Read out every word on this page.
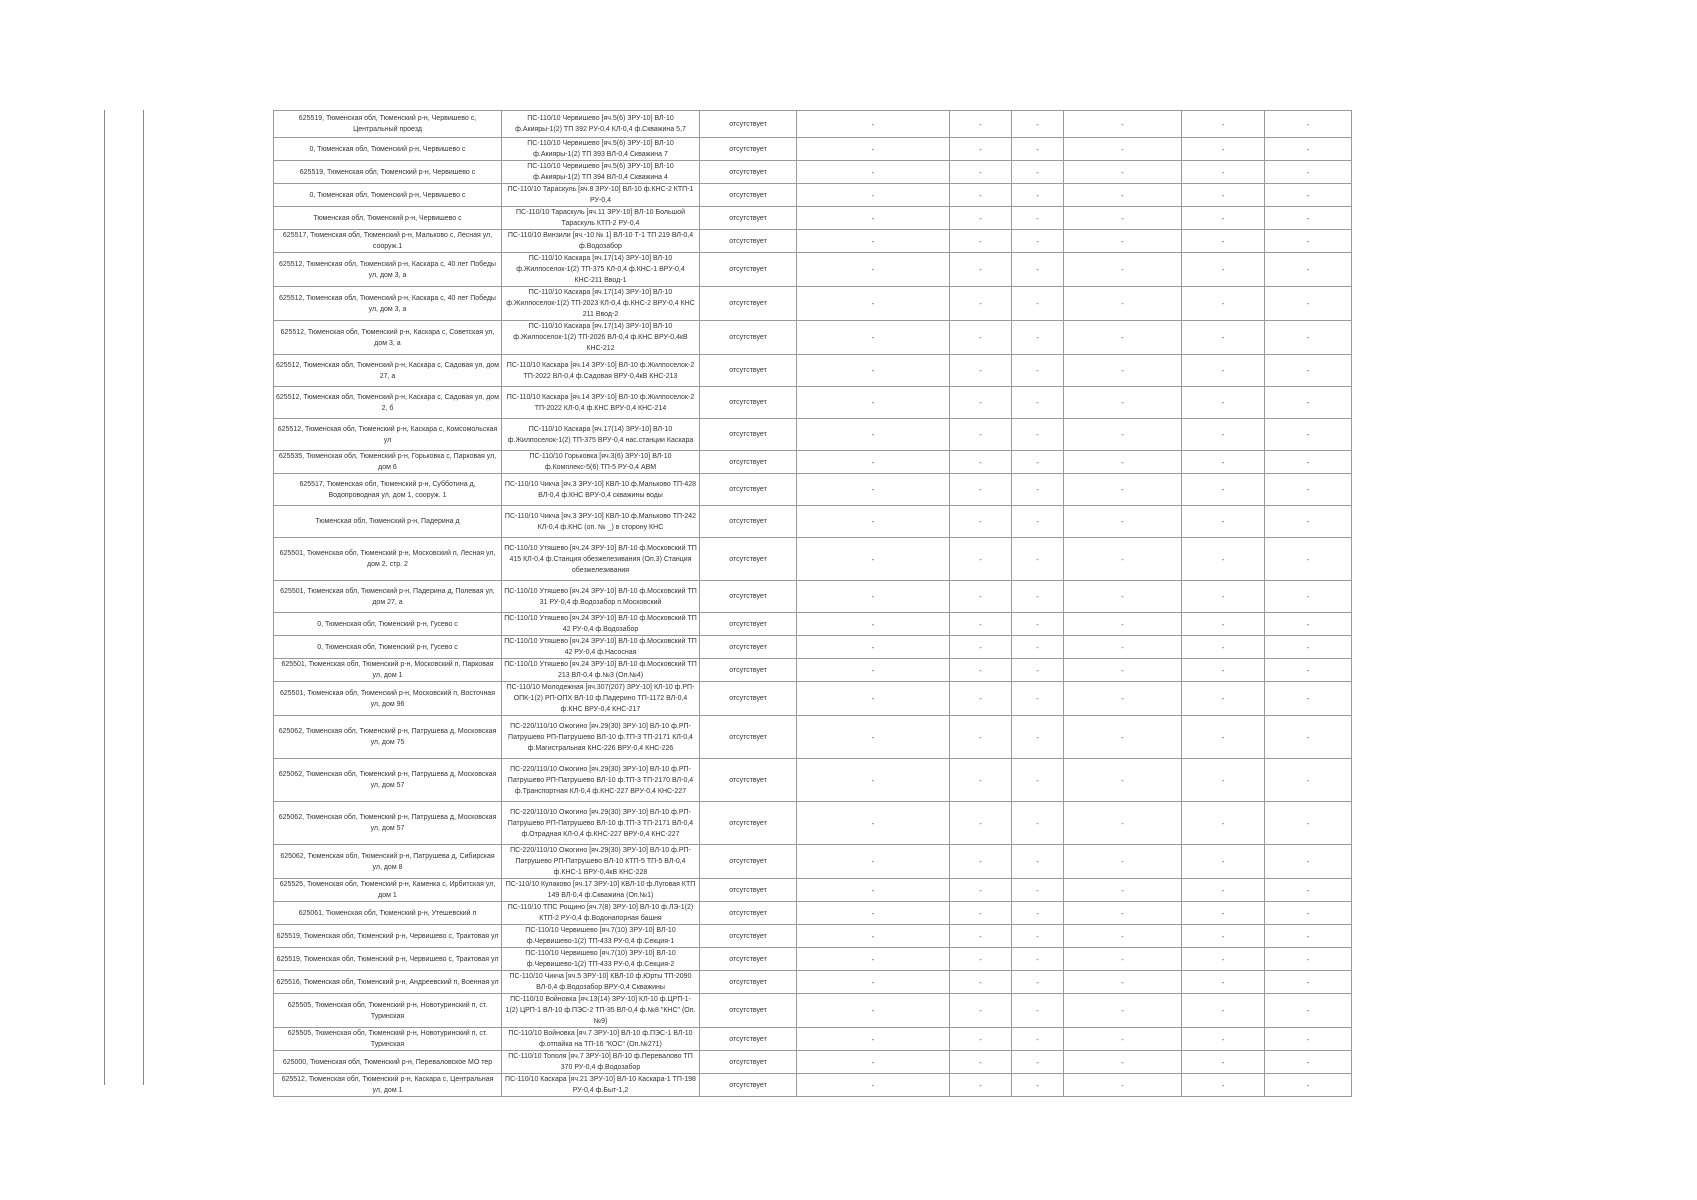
625519, Тюменская обл, Тюменский р-н, Червишево с, Центральный проезд	ПС-110/10 Червишево [яч.5(6) ЗРУ-10] ВЛ-10 ф.Акияры-1(2) ТП 392 РУ-0,4 КЛ-0,4 ф.Скважина 5,7	отсутствует	-	-	-	-	-	-
0, Тюменская обл, Тюменский р-н, Червишево с	ПС-110/10 Червишево [яч.5(6) ЗРУ-10] ВЛ-10 ф.Акияры-1(2) ТП 393 ВЛ-0,4 Скважина 7	отсутствует	-	-	-	-	-	-
625519, Тюменская обл, Тюменский р-н, Червишево с	ПС-110/10 Червишево [яч.5(6) ЗРУ-10] ВЛ-10 ф.Акияры-1(2) ТП 394 ВЛ-0,4 Скважина 4	отсутствует	-	-	-	-	-	-
0, Тюменская обл, Тюменский р-н, Червишево с	ПС-110/10 Тараскуль [яч.8 ЗРУ-10] ВЛ-10 ф.КНС-2 КТП-1 РУ-0,4	отсутствует	-	-	-	-	-	-
Тюменская обл, Тюменский р-н, Червишево с	ПС-110/10 Тараскуль [яч.11 ЗРУ-10] ВЛ-10 Большой Тараскуль КТП-2 РУ-0,4	отсутствует	-	-	-	-	-	-
625517, Тюменская обл, Тюменский р-н, Мальково с, Лесная ул, сооруж.1	ПС-110/10 Винзили [яч.-10 № 1] ВЛ-10 Т-1 ТП 219 ВЛ-0,4 ф.Водозабор	отсутствует	-	-	-	-	-	-
625512, Тюменская обл, Тюменский р-н, Каскара с, 40 лет Победы ул, дом 3, а	ПС-110/10 Каскара [яч.17(14) ЗРУ-10] ВЛ-10 ф.Жилпоселок-1(2) ТП-375 КЛ-0,4 ф.КНС-1 ВРУ-0,4 КНС-211 Ввод-1	отсутствует	-	-	-	-	-	-
625512, Тюменская обл, Тюменский р-н, Каскара с, 40 лет Победы ул, дом 3, а	ПС-110/10 Каскара [яч.17(14) ЗРУ-10] ВЛ-10 ф.Жилпоселок-1(2) ТП-2023 КЛ-0,4 ф.КНС-2 ВРУ-0,4 КНС 211 Ввод-2	отсутствует	-	-	-	-	-	-
625512, Тюменская обл, Тюменский р-н, Каскара с, Советская ул, дом 3, а	ПС-110/10 Каскара [яч.17(14) ЗРУ-10] ВЛ-10 ф.Жилпоселок-1(2) ТП-2026 ВЛ-0,4 ф.КНС ВРУ-0,4кВ КНС-212	отсутствует	-	-	-	-	-	-
625512, Тюменская обл, Тюменский р-н, Каскара с, Садовая ул, дом 27, а	ПС-110/10 Каскара [яч.14 ЗРУ-10] ВЛ-10 ф.Жилпоселок-2 ТП-2022 ВЛ-0,4 ф.Садовая ВРУ-0,4кВ КНС-213	отсутствует	-	-	-	-	-	-
625512, Тюменская обл, Тюменский р-н, Каскара с, Садовая ул, дом 2, б	ПС-110/10 Каскара [яч.14 ЗРУ-10] ВЛ-10 ф.Жилпоселок-2 ТП-2022 КЛ-0,4 ф.КНС ВРУ-0,4 КНС-214	отсутствует	-	-	-	-	-	-
625512, Тюменская обл, Тюменский р-н, Каскара с, Комсомольская ул	ПС-110/10 Каскара [яч.17(14) ЗРУ-10] ВЛ-10 ф.Жилпоселок-1(2) ТП-375 ВРУ-0,4 нас.станции Каскара	отсутствует	-	-	-	-	-	-
625535, Тюменская обл, Тюменский р-н, Горьковка с, Парковая ул, дом 6	ПС-110/10 Горьковка [яч.3(6) ЗРУ-10] ВЛ-10 ф.Комплекс-5(6) ТП-5 РУ-0,4 АВМ	отсутствует	-	-	-	-	-	-
625517, Тюменская обл, Тюменский р-н, Субботина д, Водопроводная ул, дом 1, сооруж. 1	ПС-110/10 Чикча [яч.3 ЗРУ-10] КВЛ-10 ф.Мальково ТП-428 ВЛ-0,4 ф.КНС ВРУ-0,4 скважины воды	отсутствует	-	-	-	-	-	-
Тюменская обл, Тюменский р-н, Падерина д	ПС-110/10 Чикча [яч.3 ЗРУ-10] КВЛ-10 ф.Мальково ТП-242 КЛ-0,4 ф.КНС (оп. № _) в сторону КНС	отсутствует	-	-	-	-	-	-
625501, Тюменская обл, Тюменский р-н, Московский п, Лесная ул, дом 2, стр. 2	ПС-110/10 Утяшево [яч.24 ЗРУ-10] ВЛ-10 ф.Московский ТП 415 КЛ-0,4 ф.Станция обезжелезивания (Оп.3) Станция обезжелезивания	отсутствует	-	-	-	-	-	-
625501, Тюменская обл, Тюменский р-н, Падерина д, Полевая ул, дом 27, а	ПС-110/10 Утяшево [яч.24 ЗРУ-10] ВЛ-10 ф.Московский ТП 31 РУ-0,4 ф.Водозабор п.Московский	отсутствует	-	-	-	-	-	-
0, Тюменская обл, Тюменский р-н, Гусево с	ПС-110/10 Утяшево [яч.24 ЗРУ-10] ВЛ-10 ф.Московский ТП 42 РУ-0,4 ф.Водозабор	отсутствует	-	-	-	-	-	-
0, Тюменская обл, Тюменский р-н, Гусево с	ПС-110/10 Утяшево [яч.24 ЗРУ-10] ВЛ-10 ф.Московский ТП 42 РУ-0,4 ф.Насосная	отсутствует	-	-	-	-	-	-
625501, Тюменская обл, Тюменский р-н, Московский п, Парковая ул, дом 1	ПС-110/10 Утяшево [яч.24 ЗРУ-10] ВЛ-10 ф.Московский ТП 213 ВЛ-0,4 ф.№3 (Оп.№4)	отсутствует	-	-	-	-	-	-
625501, Тюменская обл, Тюменский р-н, Московский п, Восточная ул, дом 96	ПС-110/10 Молодежная [яч.307(207) ЗРУ-10] КЛ-10 ф.РП-ОПК-1(2) РП-ОПХ ВЛ-10 ф.Падерино ТП-1172 ВЛ-0,4 ф.КНС ВРУ-0,4 КНС-217	отсутствует	-	-	-	-	-	-
625062, Тюменская обл, Тюменский р-н, Патрушева д, Московская ул, дом 75	ПС-220/110/10 Ожогино [яч.29(30) ЗРУ-10] ВЛ-10 ф.РП-Патрушево РП-Патрушево ВЛ-10 ф.ТП-3 ТП-2171 КЛ-0,4 ф.Магистральная КНС-226 ВРУ-0,4 КНС-226	отсутствует	-	-	-	-	-	-
625062, Тюменская обл, Тюменский р-н, Патрушева д, Московская ул, дом 57	ПС-220/110/10 Ожогино [яч.29(30) ЗРУ-10] ВЛ-10 ф.РП-Патрушево РП-Патрушево ВЛ-10 ф.ТП-3 ТП-2170 ВЛ-0,4 ф.Транспортная КЛ-0,4 ф.КНС-227 ВРУ-0,4 КНС-227	отсутствует	-	-	-	-	-	-
625062, Тюменская обл, Тюменский р-н, Патрушева д, Московская ул, дом 57	ПС-220/110/10 Ожогино [яч.29(30) ЗРУ-10] ВЛ-10 ф.РП-Патрушево РП-Патрушево ВЛ-10 ф.ТП-3 ТП-2171 ВЛ-0,4 ф.Отрадная КЛ-0,4 ф.КНС-227 ВРУ-0,4 КНС-227	отсутствует	-	-	-	-	-	-
625062, Тюменская обл, Тюменский р-н, Патрушева д, Сибирская ул, дом 8	ПС-220/110/10 Ожогино [яч.29(30) ЗРУ-10] ВЛ-10 ф.РП-Патрушево РП-Патрушево ВЛ-10 КТП-5 ТП-5 ВЛ-0,4 ф.КНС-1 ВРУ-0,4кВ КНС-228	отсутствует	-	-	-	-	-	-
625525, Тюменская обл, Тюменский р-н, Каменка с, Ирбитская ул, дом 1	ПС-110/10 Кулаково [яч.17 ЗРУ-10] КВЛ-10 ф.Луговая КТП 149 ВЛ-0,4 ф.Скважина (Оп.№1)	отсутствует	-	-	-	-	-	-
625061, Тюменская обл, Тюменский р-н, Утешевский п	ПС-110/10 ТПС Рощино [яч.7(8) ЗРУ-10] ВЛ-10 ф.ЛЭ-1(2) КТП-2 РУ-0,4 ф.Водонапорная башня	отсутствует	-	-	-	-	-	-
625519, Тюменская обл, Тюменский р-н, Червишево с, Трактовая ул	ПС-110/10 Червишево [яч.7(10) ЗРУ-10] ВЛ-10 ф.Червишево-1(2) ТП-433 РУ-0,4 ф.Секция-1	отсутствует	-	-	-	-	-	-
625519, Тюменская обл, Тюменский р-н, Червишево с, Трактовая ул	ПС-110/10 Червишево [яч.7(10) ЗРУ-10] ВЛ-10 ф.Червишево-1(2) ТП-433 РУ-0,4 ф.Секция-2	отсутствует	-	-	-	-	-	-
625516, Тюменская обл, Тюменский р-н, Андреевский п, Военная ул	ПС-110/10 Чикча [яч.5 ЗРУ-10] КВЛ-10 ф.Юрты ТП-2090 ВЛ-0,4 ф.Водозабор ВРУ-0,4 Скважины	отсутствует	-	-	-	-	-	-
625505, Тюменская обл, Тюменский р-н, Новотуринский п, ст. Туринская	ПС-110/10 Войновка [яч.13(14) ЗРУ-10] КЛ-10 ф.ЦРП-1-1(2) ЦРП-1 ВЛ-10 ф.ПЭС-2 ТП-35 ВЛ-0,4 ф.№8 "КНС" (Оп.№9)	отсутствует	-	-	-	-	-	-
625505, Тюменская обл, Тюменский р-н, Новотуринский п, ст. Туринская	ПС-110/10 Войновка [яч.7 ЗРУ-10] ВЛ-10 ф.ПЭС-1 ВЛ-10 ф.отпайка на ТП-16 "КОС" (Оп.№271)	отсутствует	-	-	-	-	-	-
625000, Тюменская обл, Тюменский р-н, Переваловское МО тер	ПС-110/10 Тополя [яч.7 ЗРУ-10] ВЛ-10 ф.Перевалово ТП 370 РУ-0,4 ф.Водозабор	отсутствует	-	-	-	-	-	-
625512, Тюменская обл, Тюменский р-н, Каскара с, Центральная ул, дом 1	ПС-110/10 Каскара [яч.21 ЗРУ-10] ВЛ-10 Каскара-1 ТП-198 РУ-0,4 ф.Быт-1,2	отсутствует	-	-	-	-	-	-
